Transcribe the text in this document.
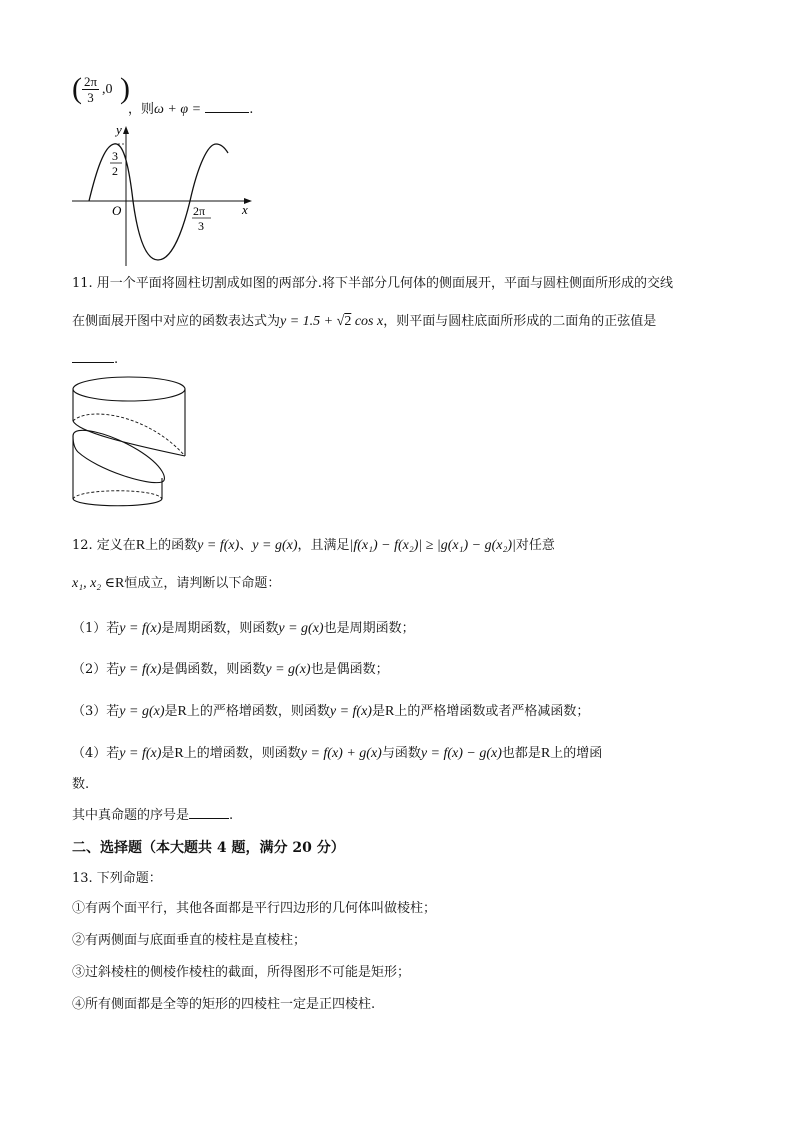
( $\frac{2\pi}{3} ,0$ )
，则ω + φ =	.
y
x
O
3
2
2π
3
11. 用一个平面将圆柱切割成如图的两部分.将下半部分几何体的侧面展开，平面与圆柱侧面所形成的交线
在侧面展开图中对应的函数表达式为y = 1.5 + √2 cos x，则平面与圆柱底面所形成的二面角的正弦值是
.
12. 定义在R上的函数y = f(x)、y = g(x)，且满足|f(x₁) − f(x₂)| ≥ |g(x₁) − g(x₂)|对任意
x₁, x₂ ∈R恒成立，请判断以下命题：
（1）若y = f(x)是周期函数，则函数y = g(x)也是周期函数；
（2）若y = f(x)是偶函数，则函数y = g(x)也是偶函数；
（3）若y = g(x)是R上的严格增函数，则函数y = f(x)是R上的严格增函数或者严格减函数；
（4）若y = f(x)是R上的增函数，则函数y = f(x) + g(x)与函数y = f(x) − g(x)也都是R上的增函
数.
其中真命题的序号是	.
二、选择题（本大题共 4 题，满分 20 分）
13. 下列命题：
①有两个面平行，其他各面都是平行四边形的几何体叫做棱柱；
②有两侧面与底面垂直的棱柱是直棱柱；
③过斜棱柱的侧棱作棱柱的截面，所得图形不可能是矩形；
④所有侧面都是全等的矩形的四棱柱一定是正四棱柱.
